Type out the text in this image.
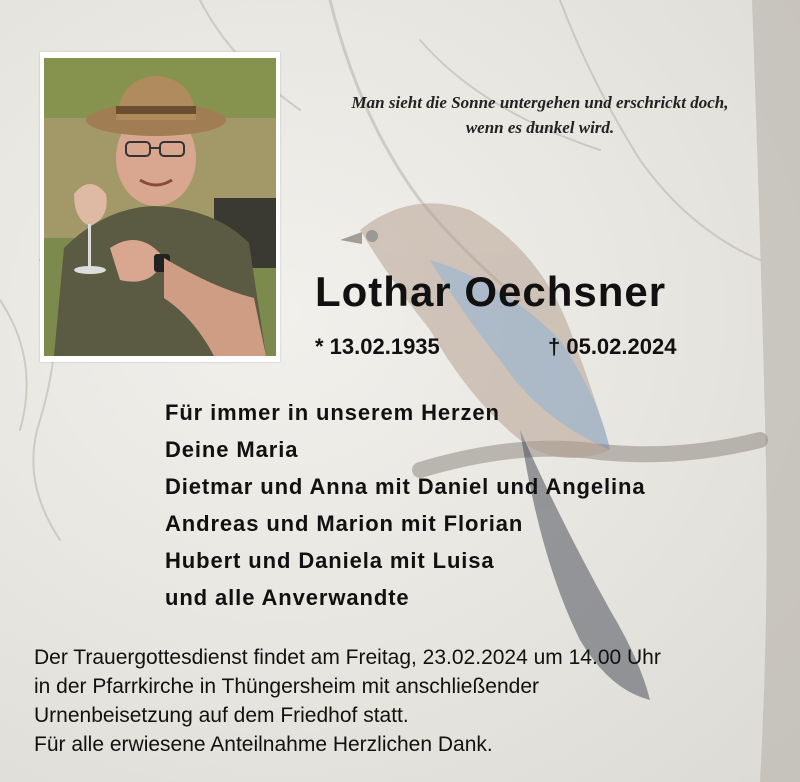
Man sieht die Sonne untergehen und erschrickt doch,
wenn es dunkel wird.
Lothar Oechsner
* 13.02.1935	† 05.02.2024
Für immer in unserem Herzen
Deine Maria
Dietmar und Anna mit Daniel und Angelina
Andreas und Marion mit Florian
Hubert und Daniela mit Luisa
und alle Anverwandte
Der Trauergottesdienst findet am Freitag, 23.02.2024 um 14.00 Uhr
in der Pfarrkirche in Thüngersheim mit anschließender
Urnenbeisetzung auf dem Friedhof statt.
Für alle erwiesene Anteilnahme Herzlichen Dank.
